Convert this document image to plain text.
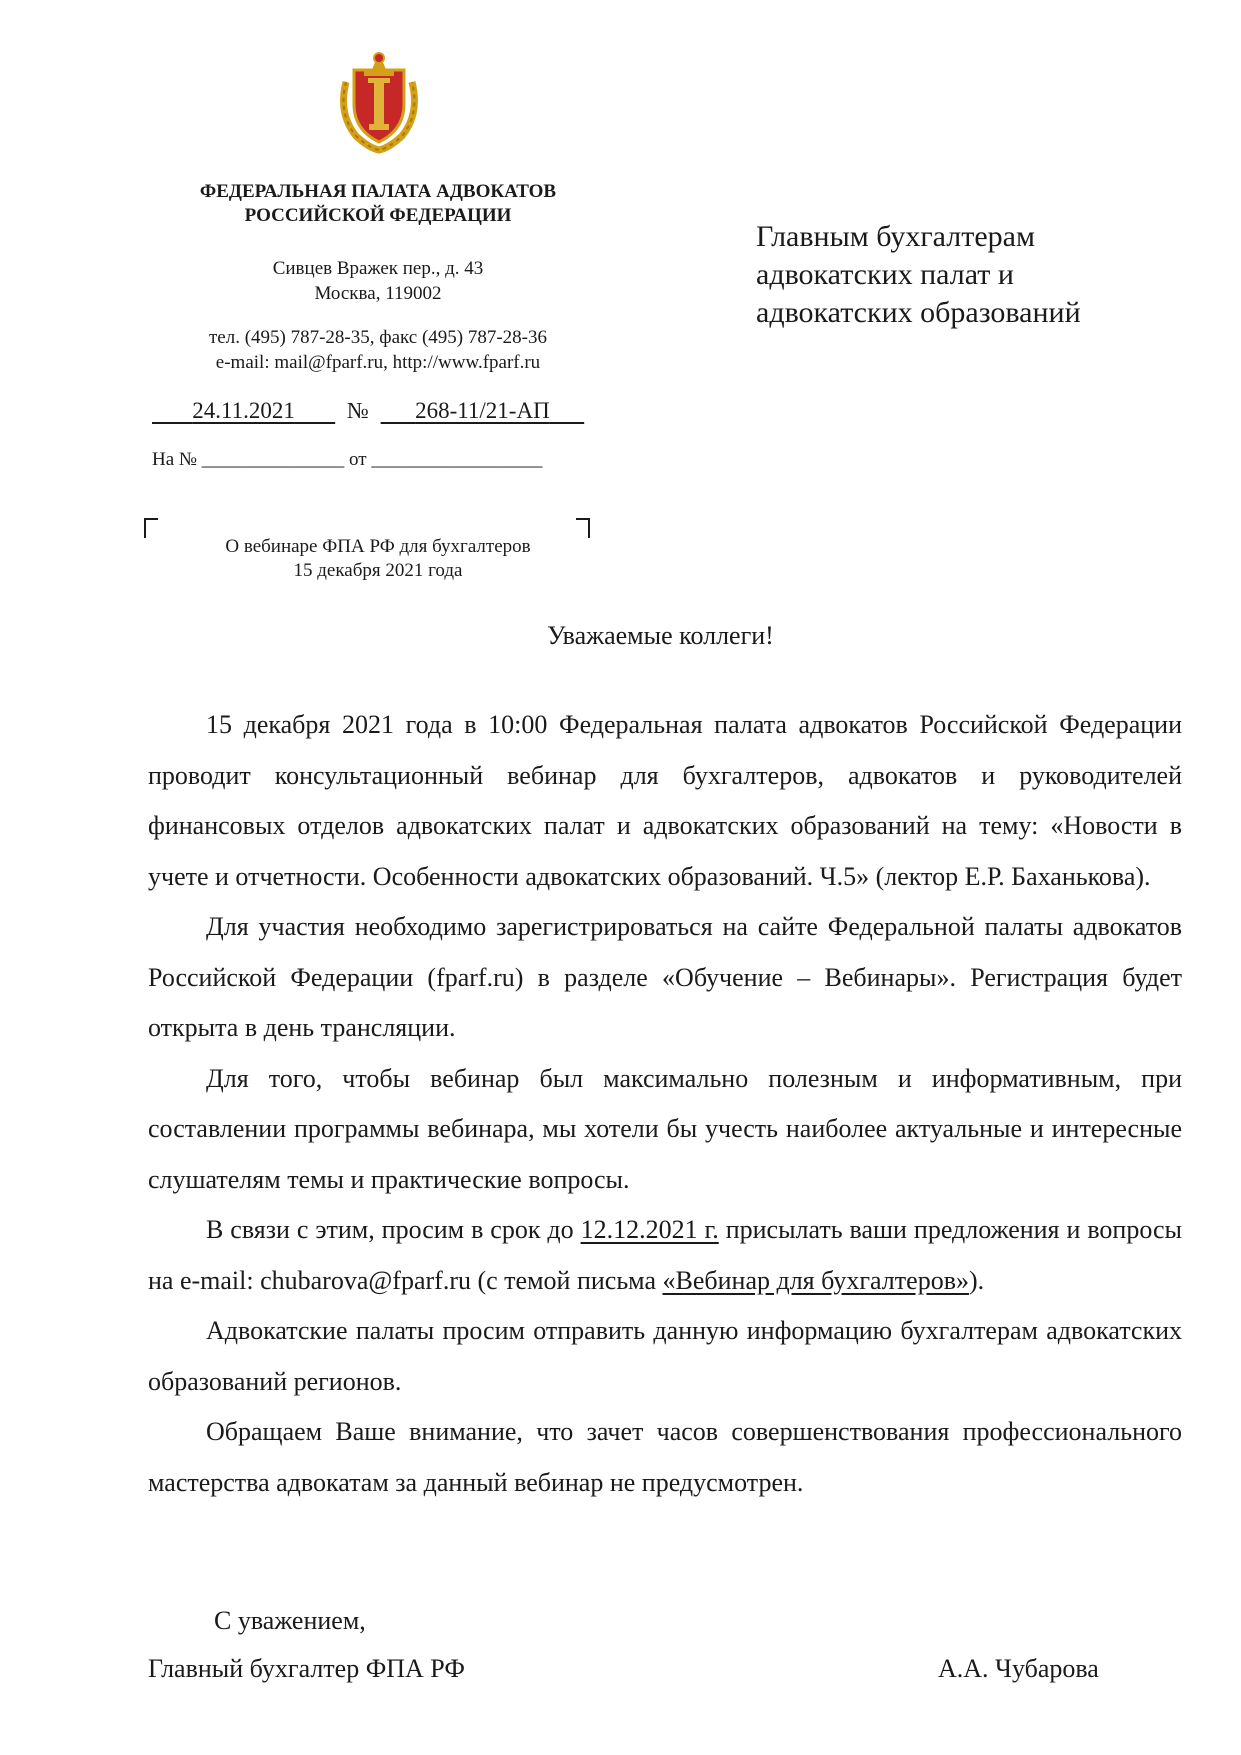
ФЕДЕРАЛЬНАЯ ПАЛАТА АДВОКАТОВ
РОССИЙСКОЙ ФЕДЕРАЦИИ
Сивцев Вражек пер., д. 43
Москва, 119002
тел. (495) 787-28-35, факс (495) 787-28-36
e-mail: mail@fparf.ru, http://www.fparf.ru
Главным бухгалтерам
адвокатских палат и
адвокатских образований
24.11.2021 № 268-11/21-АП
На № _______________ от __________________
О вебинаре ФПА РФ для бухгалтеров
15 декабря 2021 года
Уважаемые коллеги!

15 декабря 2021 года в 10:00 Федеральная палата адвокатов Российской Федерации проводит консультационный вебинар для бухгалтеров, адвокатов и руководителей финансовых отделов адвокатских палат и адвокатских образований на тему: «Новости в учете и отчетности. Особенности адвокатских образований. Ч.5» (лектор Е.Р. Баханькова).

Для участия необходимо зарегистрироваться на сайте Федеральной палаты адвокатов Российской Федерации (fparf.ru) в разделе «Обучение – Вебинары». Регистрация будет открыта в день трансляции.

Для того, чтобы вебинар был максимально полезным и информативным, при составлении программы вебинара, мы хотели бы учесть наиболее актуальные и интересные слушателям темы и практические вопросы.

В связи с этим, просим в срок до 12.12.2021 г. присылать ваши предложения и вопросы на e-mail: chubarova@fparf.ru (с темой письма «Вебинар для бухгалтеров»).

Адвокатские палаты просим отправить данную информацию бухгалтерам адвокатских образований регионов.

Обращаем Ваше внимание, что зачет часов совершенствования профессионального мастерства адвокатам за данный вебинар не предусмотрен.

С уважением,
Главный бухгалтер ФПА РФ	А.А. Чубарова
